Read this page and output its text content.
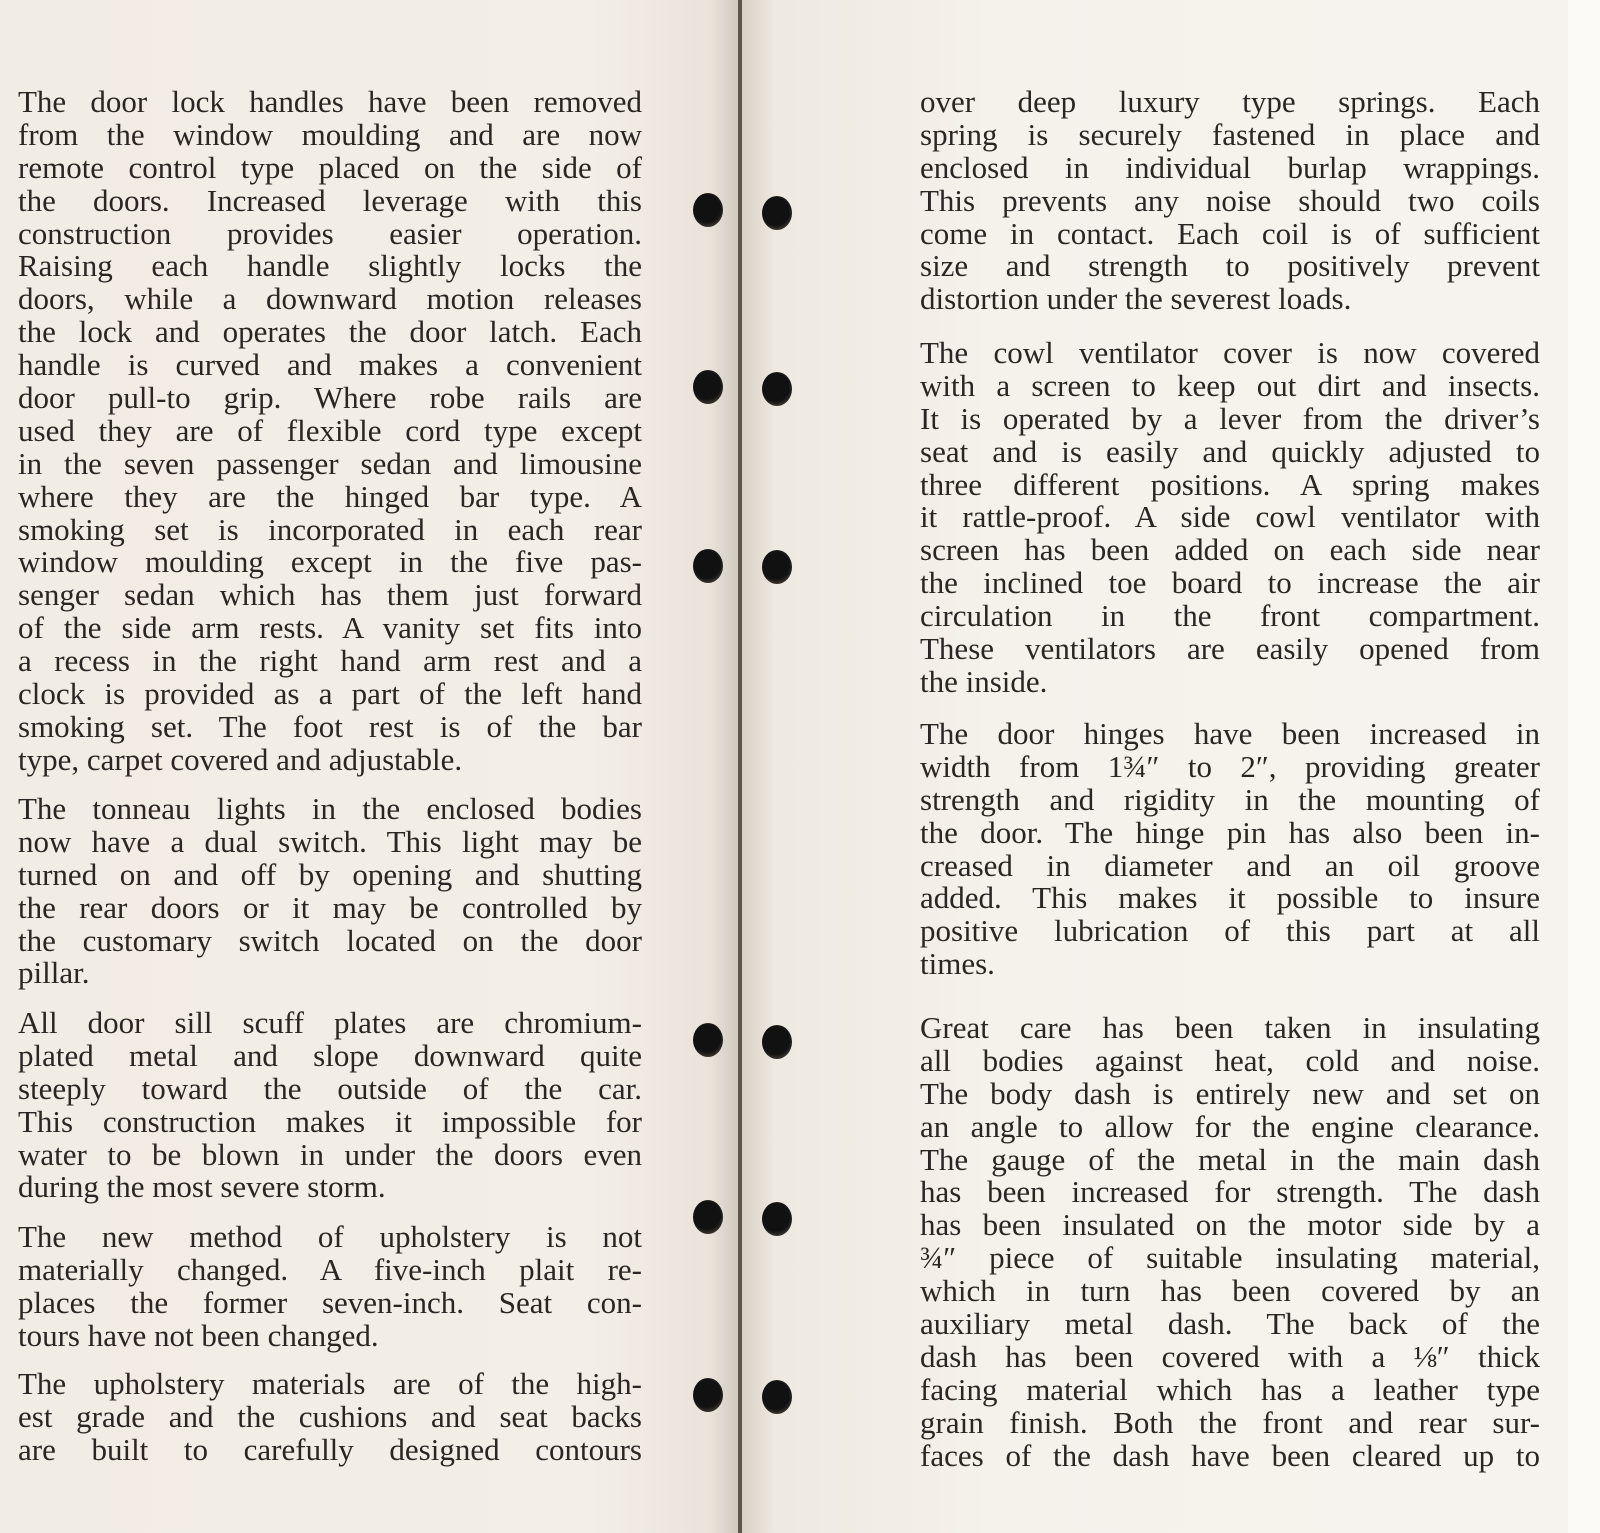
The door lock handles have been removed
from the window moulding and are now
remote control type placed on the side of
the doors. Increased leverage with this
construction provides easier operation.
Raising each handle slightly locks the
doors, while a downward motion releases
the lock and operates the door latch. Each
handle is curved and makes a convenient
door pull-to grip. Where robe rails are
used they are of flexible cord type except
in the seven passenger sedan and limousine
where they are the hinged bar type. A
smoking set is incorporated in each rear
window moulding except in the five pas-
senger sedan which has them just forward
of the side arm rests. A vanity set fits into
a recess in the right hand arm rest and a
clock is provided as a part of the left hand
smoking set. The foot rest is of the bar
type, carpet covered and adjustable.
The tonneau lights in the enclosed bodies
now have a dual switch. This light may be
turned on and off by opening and shutting
the rear doors or it may be controlled by
the customary switch located on the door
pillar.
All door sill scuff plates are chromium-
plated metal and slope downward quite
steeply toward the outside of the car.
This construction makes it impossible for
water to be blown in under the doors even
during the most severe storm.
The new method of upholstery is not
materially changed. A five-inch plait re-
places the former seven-inch. Seat con-
tours have not been changed.
The upholstery materials are of the high-
est grade and the cushions and seat backs
are built to carefully designed contours
over deep luxury type springs. Each
spring is securely fastened in place and
enclosed in individual burlap wrappings.
This prevents any noise should two coils
come in contact. Each coil is of sufficient
size and strength to positively prevent
distortion under the severest loads.
The cowl ventilator cover is now covered
with a screen to keep out dirt and insects.
It is operated by a lever from the driver’s
seat and is easily and quickly adjusted to
three different positions. A spring makes
it rattle-proof. A side cowl ventilator with
screen has been added on each side near
the inclined toe board to increase the air
circulation in the front compartment.
These ventilators are easily opened from
the inside.
The door hinges have been increased in
width from 1¾″ to 2″, providing greater
strength and rigidity in the mounting of
the door. The hinge pin has also been in-
creased in diameter and an oil groove
added. This makes it possible to insure
positive lubrication of this part at all
times.
Great care has been taken in insulating
all bodies against heat, cold and noise.
The body dash is entirely new and set on
an angle to allow for the engine clearance.
The gauge of the metal in the main dash
has been increased for strength. The dash
has been insulated on the motor side by a
¾″ piece of suitable insulating material,
which in turn has been covered by an
auxiliary metal dash. The back of the
dash has been covered with a ⅛″ thick
facing material which has a leather type
grain finish. Both the front and rear sur-
faces of the dash have been cleared up to
